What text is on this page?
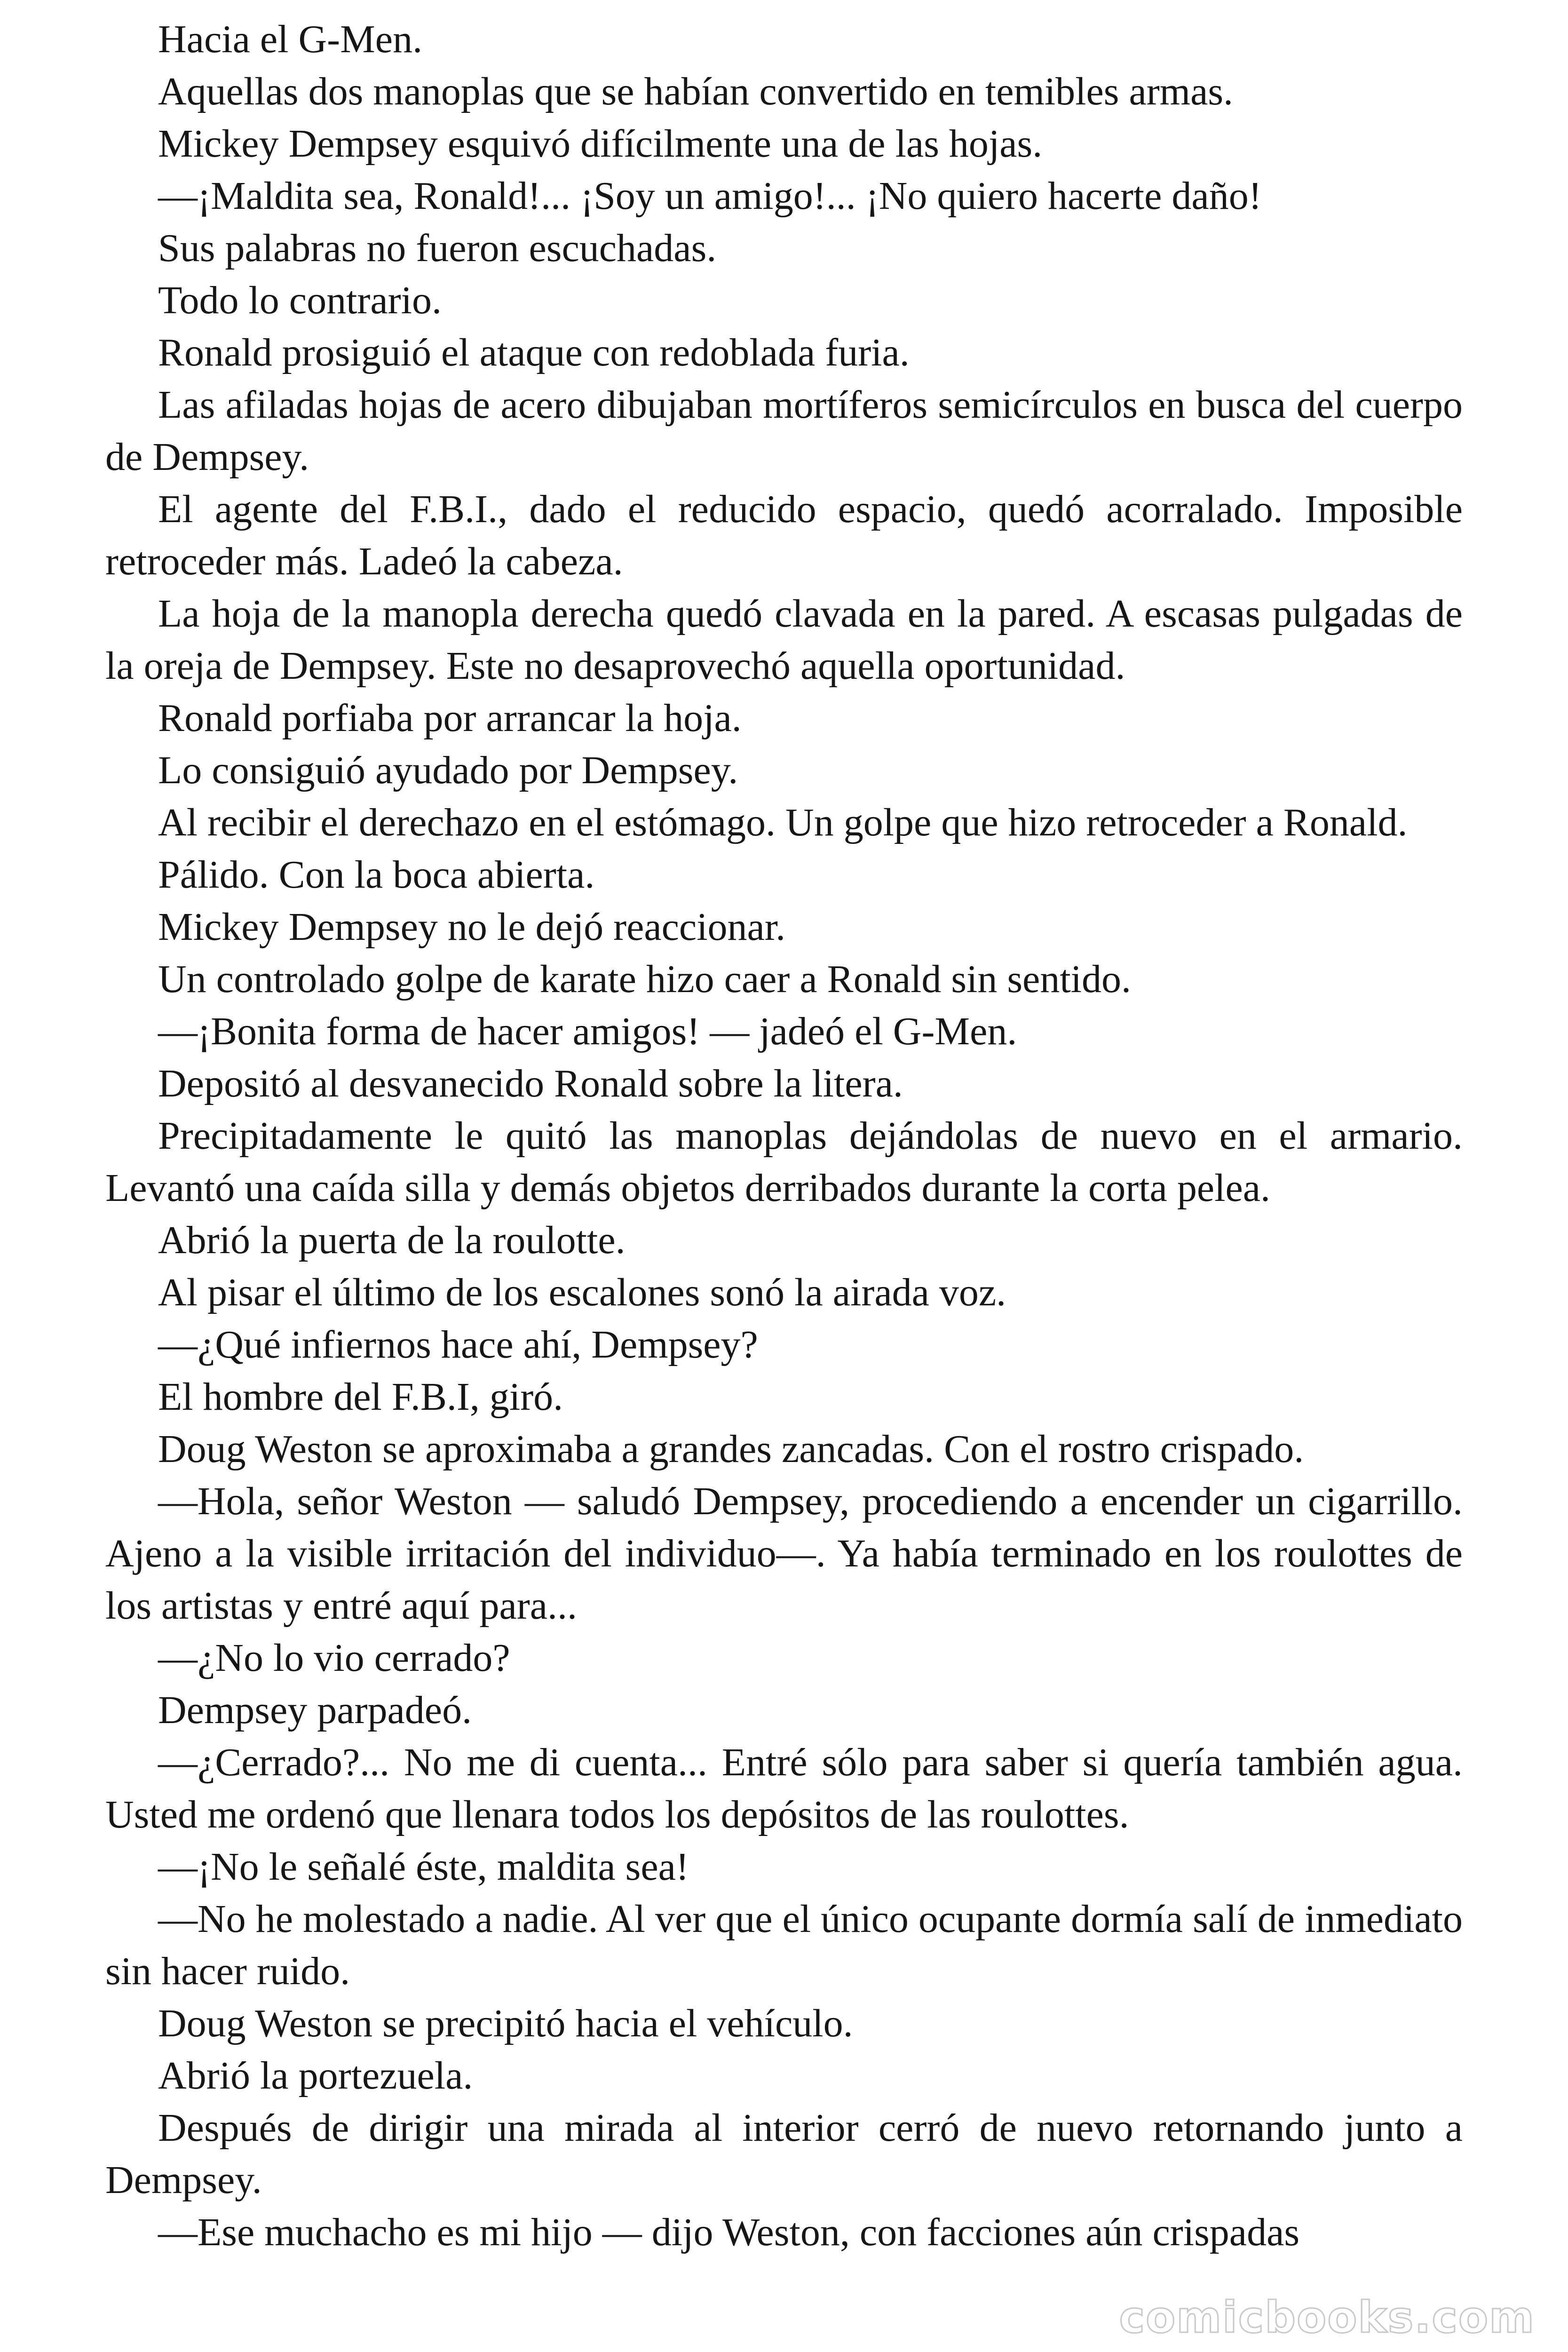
Hacia el G-Men.

Aquellas dos manoplas que se habían convertido en temibles armas.

Mickey Dempsey esquivó difícilmente una de las hojas.

—¡Maldita sea, Ronald!... ¡Soy un amigo!... ¡No quiero hacerte daño!

Sus palabras no fueron escuchadas.

Todo lo contrario.

Ronald prosiguió el ataque con redoblada furia.

Las afiladas hojas de acero dibujaban mortíferos semicírculos en busca del cuerpo de Dempsey.

El agente del F.B.I., dado el reducido espacio, quedó acorralado. Imposible retroceder más. Ladeó la cabeza.

La hoja de la manopla derecha quedó clavada en la pared. A escasas pulgadas de la oreja de Dempsey. Este no desaprovechó aquella oportunidad.

Ronald porfiaba por arrancar la hoja.

Lo consiguió ayudado por Dempsey.

Al recibir el derechazo en el estómago. Un golpe que hizo retroceder a Ronald.

Pálido. Con la boca abierta.

Mickey Dempsey no le dejó reaccionar.

Un controlado golpe de karate hizo caer a Ronald sin sentido.

—¡Bonita forma de hacer amigos! — jadeó el G-Men.

Depositó al desvanecido Ronald sobre la litera.

Precipitadamente le quitó las manoplas dejándolas de nuevo en el armario. Levantó una caída silla y demás objetos derribados durante la corta pelea.

Abrió la puerta de la roulotte.

Al pisar el último de los escalones sonó la airada voz.

—¿Qué infiernos hace ahí, Dempsey?

El hombre del F.B.I, giró.

Doug Weston se aproximaba a grandes zancadas. Con el rostro crispado.

—Hola, señor Weston — saludó Dempsey, procediendo a encender un cigarrillo. Ajeno a la visible irritación del individuo—. Ya había terminado en los roulottes de los artistas y entré aquí para...

—¿No lo vio cerrado?

Dempsey parpadeó.

—¿Cerrado?... No me di cuenta... Entré sólo para saber si quería también agua. Usted me ordenó que llenara todos los depósitos de las roulottes.

—¡No le señalé éste, maldita sea!

—No he molestado a nadie. Al ver que el único ocupante dormía salí de inmediato sin hacer ruido.

Doug Weston se precipitó hacia el vehículo.

Abrió la portezuela.

Después de dirigir una mirada al interior cerró de nuevo retornando junto a Dempsey.

—Ese muchacho es mi hijo — dijo Weston, con facciones aún crispadas

comicbooks.com
